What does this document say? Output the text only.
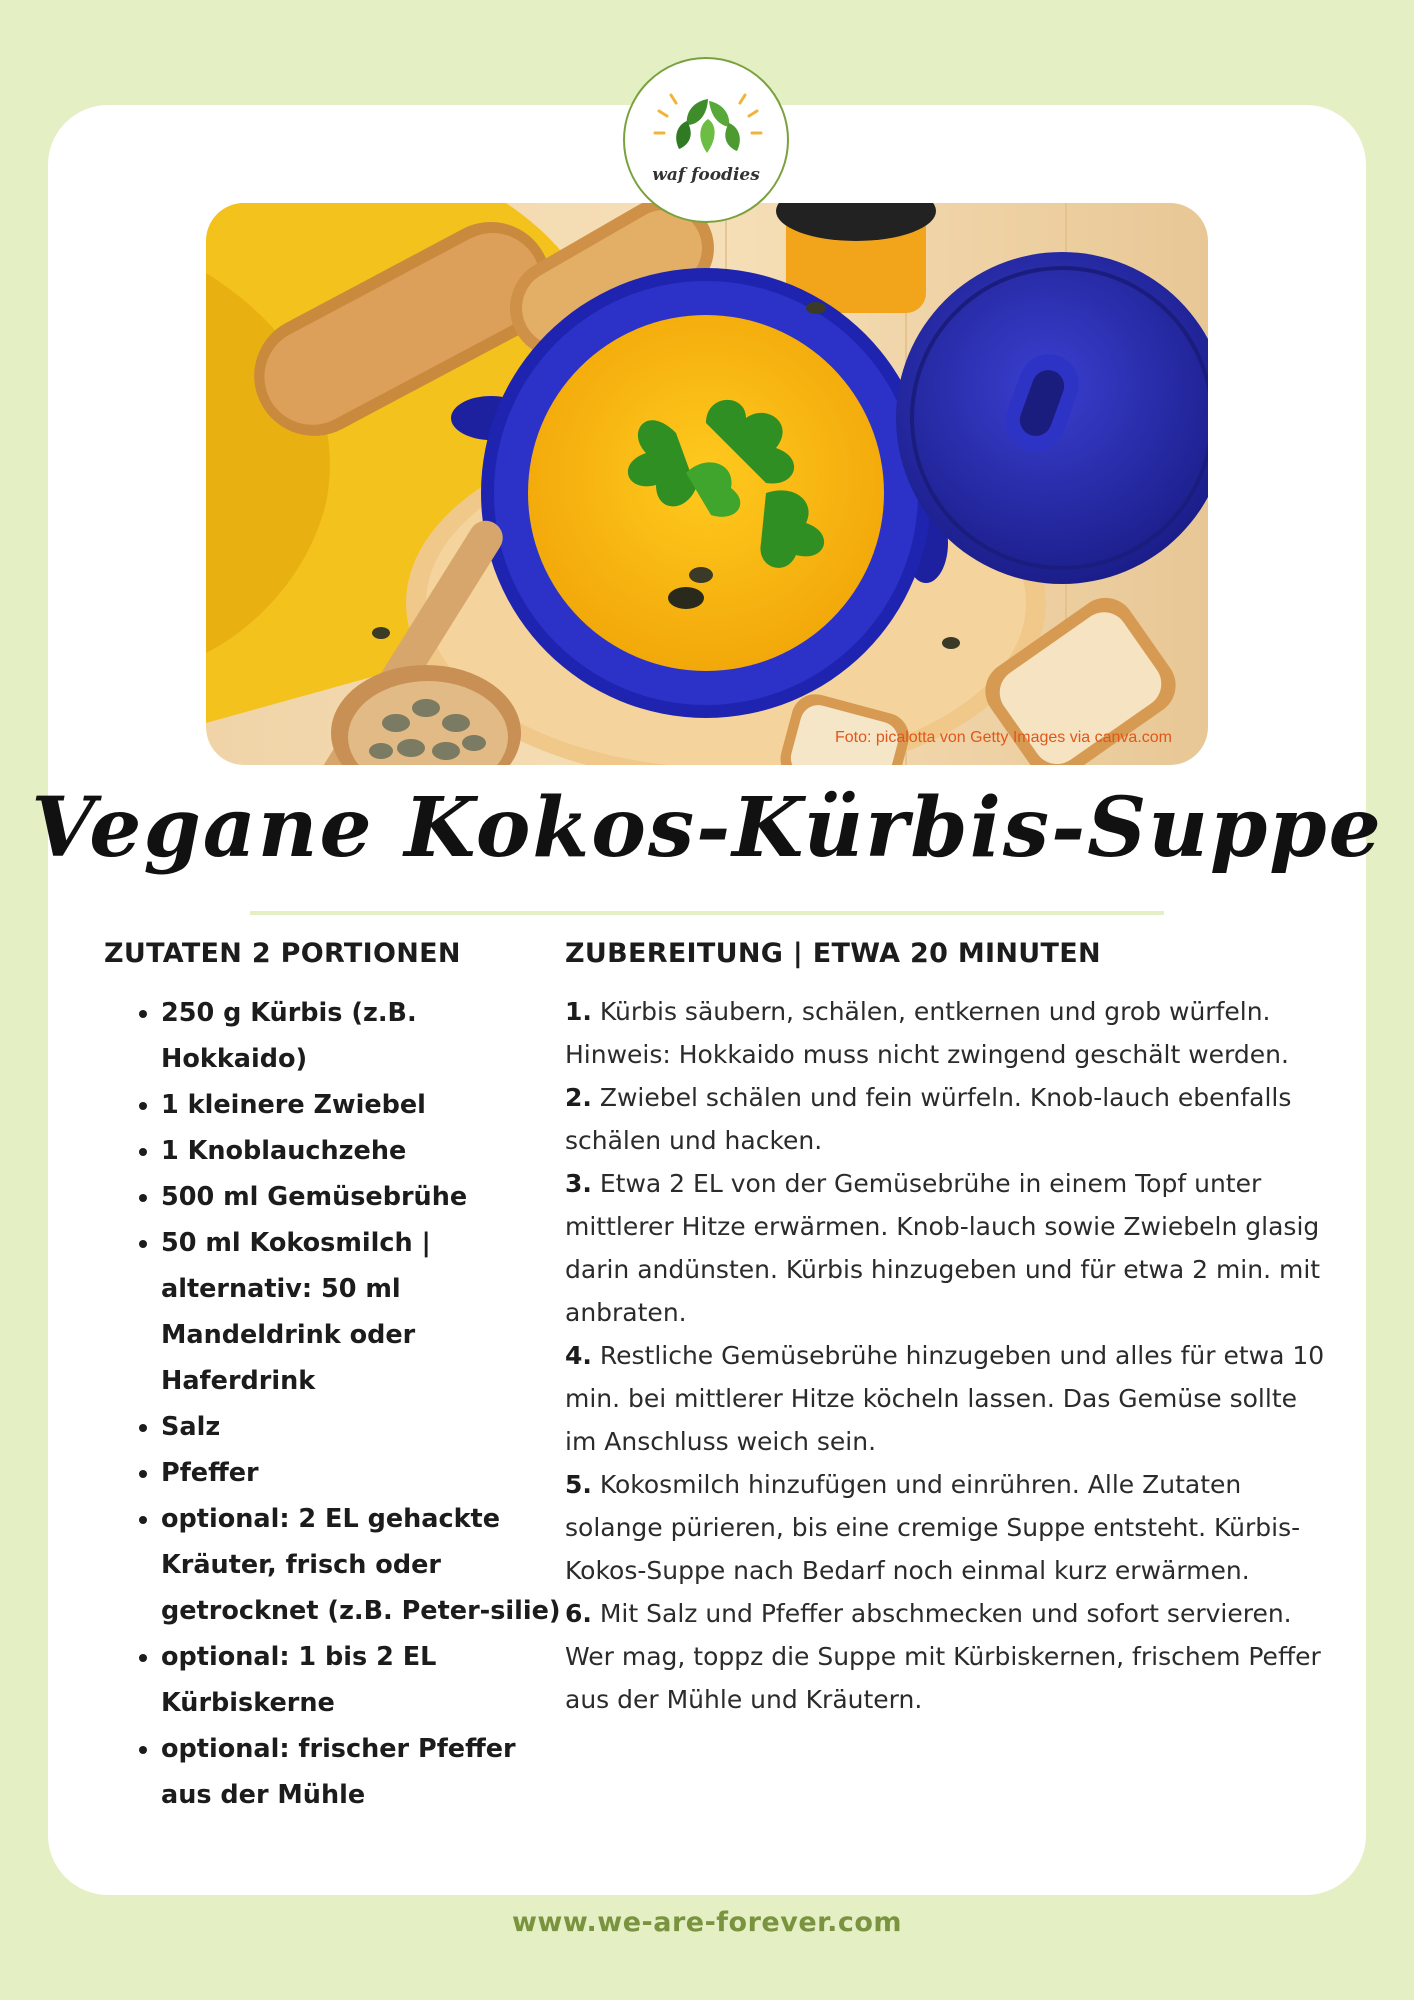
waf foodies
Foto: picalotta von Getty Images via canva.com
Vegane Kokos-Kürbis-Suppe
ZUTATEN 2 PORTIONEN
• 250 g Kürbis (z.B. Hokkaido)
• 1 kleinere Zwiebel
• 1 Knoblauchzehe
• 500 ml Gemüsebrühe
• 50 ml Kokosmilch | alternativ: 50 ml Mandeldrink oder Haferdrink
• Salz
• Pfeffer
• optional: 2 EL gehackte Kräuter, frisch oder getrocknet (z.B. Peter-silie)
• optional: 1 bis 2 EL Kürbiskerne
• optional: frischer Pfeffer aus der Mühle
ZUBEREITUNG | ETWA 20 MINUTEN

1. Kürbis säubern, schälen, entkernen und grob würfeln. Hinweis: Hokkaido muss nicht zwingend geschält werden.

2. Zwiebel schälen und fein würfeln. Knob-lauch ebenfalls schälen und hacken.

3. Etwa 2 EL von der Gemüsebrühe in einem Topf unter mittlerer Hitze erwärmen. Knob-lauch sowie Zwiebeln glasig darin andünsten. Kürbis hinzugeben und für etwa 2 min. mit anbraten.

4. Restliche Gemüsebrühe hinzugeben und alles für etwa 10 min. bei mittlerer Hitze köcheln lassen. Das Gemüse sollte im Anschluss weich sein.

5. Kokosmilch hinzufügen und einrühren. Alle Zutaten solange pürieren, bis eine cremige Suppe entsteht. Kürbis-Kokos-Suppe nach Bedarf noch einmal kurz erwärmen.

6. Mit Salz und Pfeffer abschmecken und sofort servieren. Wer mag, toppz die Suppe mit Kürbiskernen, frischem Peffer aus der Mühle und Kräutern.

www.we-are-forever.com
